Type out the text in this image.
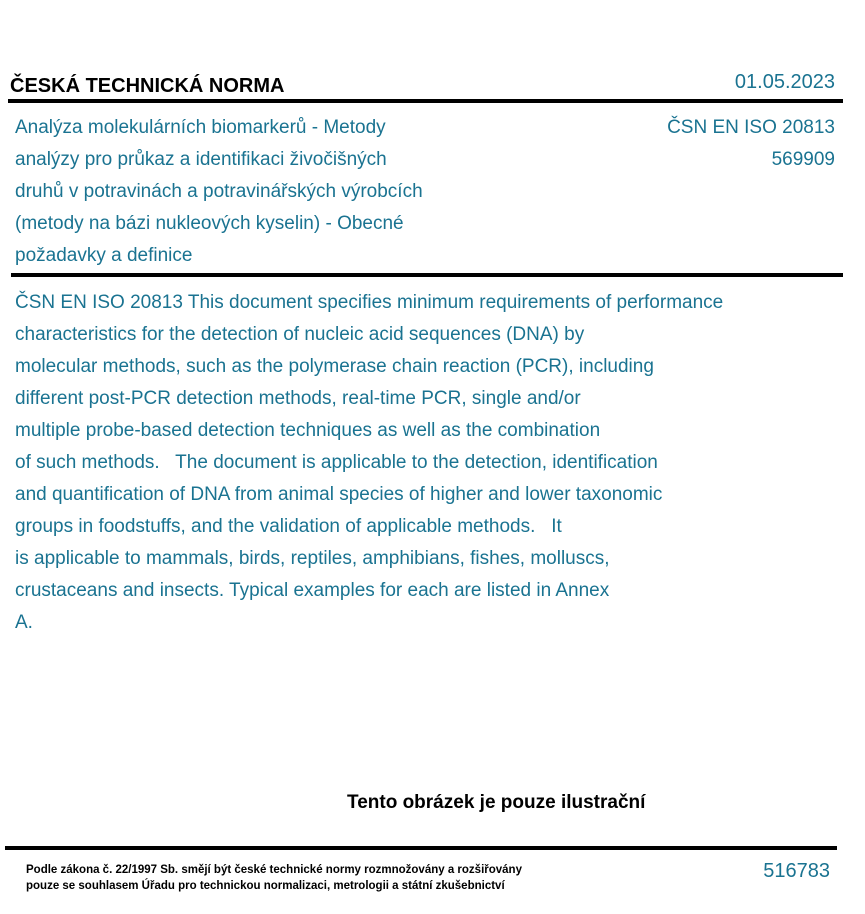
ČESKÁ TECHNICKÁ NORMA	01.05.2023
Analýza molekulárních biomarkerů - Metody
analýzy pro průkaz a identifikaci živočišných
druhů v potravinách a potravinářských výrobcích
(metody na bázi nukleových kyselin) - Obecné
požadavky a definice
ČSN EN ISO 20813
569909
ČSN EN ISO 20813 This document specifies minimum requirements of performance
characteristics for the detection of nucleic acid sequences (DNA) by
molecular methods, such as the polymerase chain reaction (PCR), including
different post-PCR detection methods, real-time PCR, single and/or
multiple probe-based detection techniques as well as the combination
of such methods.   The document is applicable to the detection, identification
and quantification of DNA from animal species of higher and lower taxonomic
groups in foodstuffs, and the validation of applicable methods.   It
is applicable to mammals, birds, reptiles, amphibians, fishes, molluscs,
crustaceans and insects. Typical examples for each are listed in Annex
A.
Tento obrázek je pouze ilustrační
Podle zákona č. 22/1997 Sb. smějí být české technické normy rozmnožovány a rozšiřovány
pouze se souhlasem Úřadu pro technickou normalizaci, metrologii a státní zkušebnictví
516783
